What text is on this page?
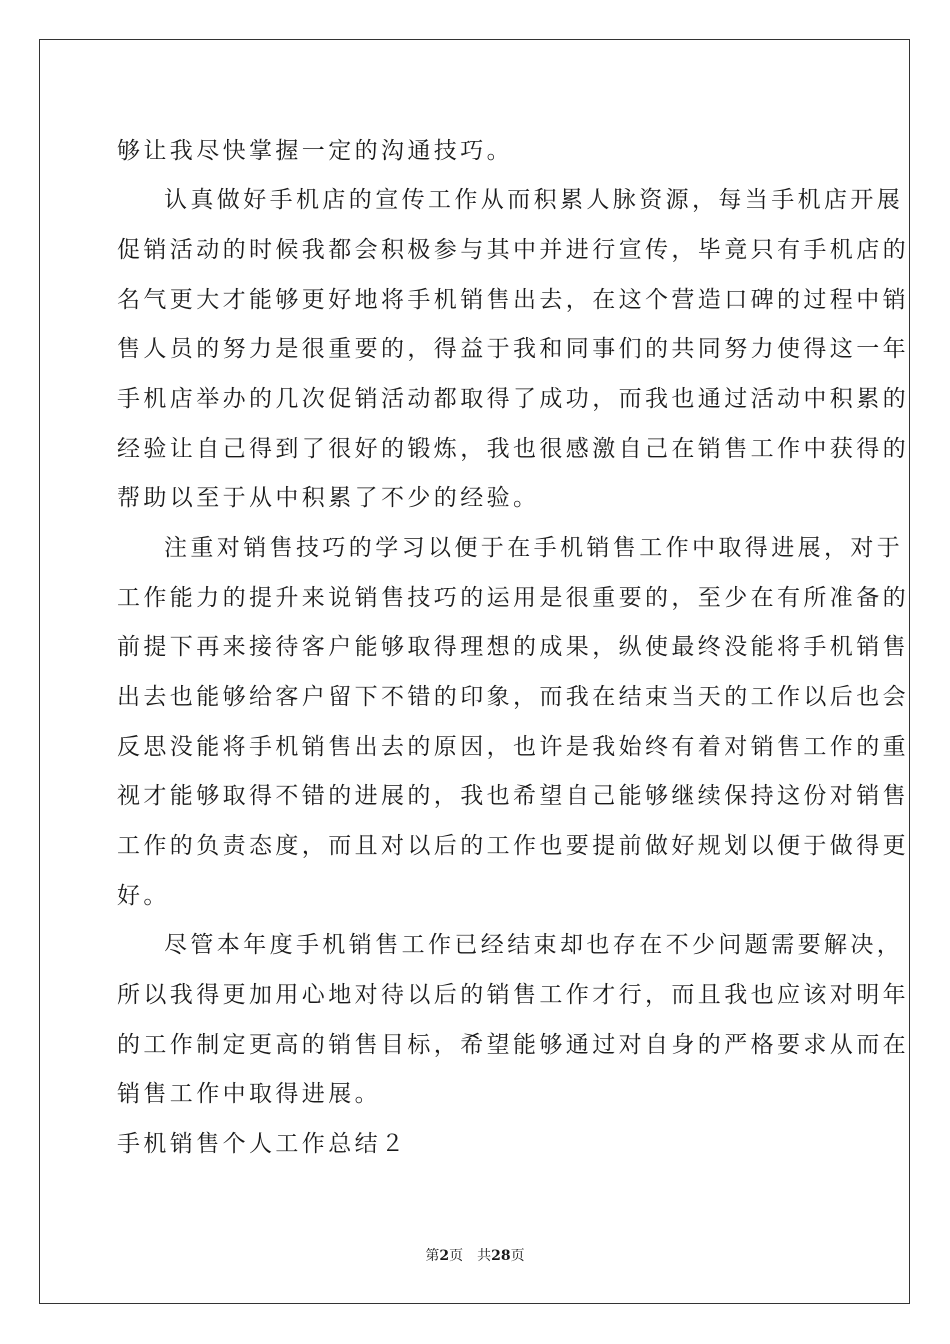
够让我尽快掌握一定的沟通技巧。
认真做好手机店的宣传工作从而积累人脉资源，每当手机店开展
促销活动的时候我都会积极参与其中并进行宣传，毕竟只有手机店的
名气更大才能够更好地将手机销售出去，在这个营造口碑的过程中销
售人员的努力是很重要的，得益于我和同事们的共同努力使得这一年
手机店举办的几次促销活动都取得了成功，而我也通过活动中积累的
经验让自己得到了很好的锻炼，我也很感激自己在销售工作中获得的
帮助以至于从中积累了不少的经验。
注重对销售技巧的学习以便于在手机销售工作中取得进展，对于
工作能力的提升来说销售技巧的运用是很重要的，至少在有所准备的
前提下再来接待客户能够取得理想的成果，纵使最终没能将手机销售
出去也能够给客户留下不错的印象，而我在结束当天的工作以后也会
反思没能将手机销售出去的原因，也许是我始终有着对销售工作的重
视才能够取得不错的进展的，我也希望自己能够继续保持这份对销售
工作的负责态度，而且对以后的工作也要提前做好规划以便于做得更
好。
尽管本年度手机销售工作已经结束却也存在不少问题需要解决，
所以我得更加用心地对待以后的销售工作才行，而且我也应该对明年
的工作制定更高的销售目标，希望能够通过对自身的严格要求从而在
销售工作中取得进展。
手机销售个人工作总结２
第2页 共28页
